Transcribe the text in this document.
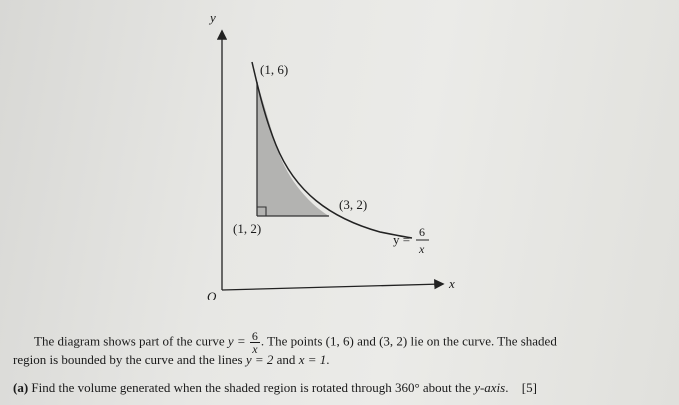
y
x
O
(1, 6)
(3, 2)
(1, 2)
y = 6
x
The diagram shows part of the curve $y = \frac{6}{x}$ . The points (1, 6) and (3, 2) lie on the curve. The shaded
region is bounded by the curve and the lines y = 2 and x = 1.
(a) Find the volume generated when the shaded region is rotated through 360° about the y-axis. [5]
